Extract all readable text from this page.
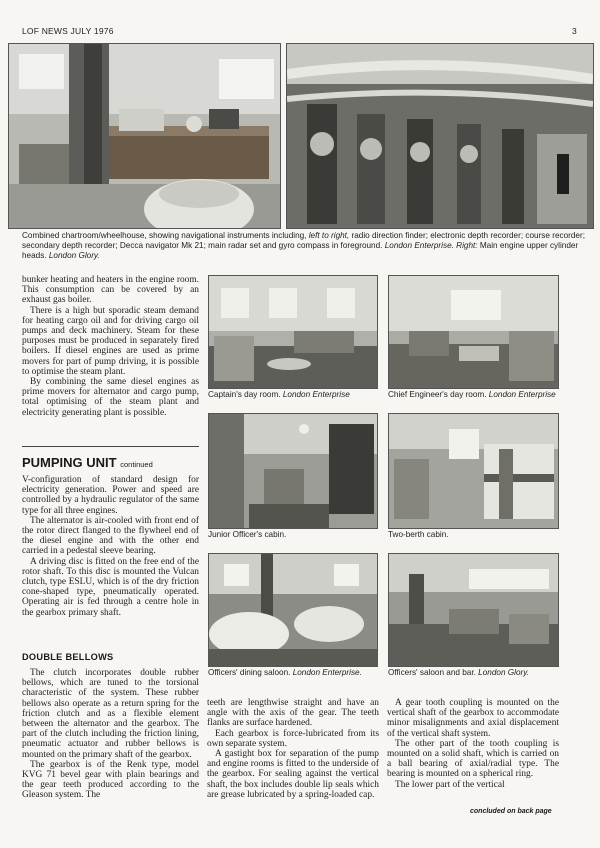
LOF NEWS JULY 1976	3
Combined chartroom/wheelhouse, showing navigational instruments including, left to right, radio direction finder; electronic depth recorder; course recorder; secondary depth recorder; Decca navigator Mk 21; main radar set and gyro compass in foreground. London Enterprise. Right: Main engine upper cylinder heads. London Glory.

bunker heating and heaters in the engine room. This consumption can be covered by an exhaust gas boiler.

There is a high but sporadic steam demand for heating cargo oil and for driving cargo oil pumps and deck machinery. Steam for these purposes must be produced in separately fired boilers. If diesel engines are used as prime movers for part of pump driving, it is possible to optimise the steam plant.

By combining the same diesel engines as prime movers for alternator and cargo pump, total optimising of the steam plant and electricity generating plant is possible.

PUMPING UNIT continued

V-configuration of standard design for electricity generation. Power and speed are controlled by a hydraulic regulator of the same type for all three engines.

The alternator is air-cooled with front end of the rotor direct flanged to the flywheel end of the diesel engine and with the other end carried in a pedestal sleeve bearing.

A driving disc is fitted on the free end of the rotor shaft. To this disc is mounted the Vulcan clutch, type ESLU, which is of the dry friction cone-shaped type, pneumatically operated. Operating air is fed through a centre hole in the gearbox primary shaft.

DOUBLE BELLOWS

The clutch incorporates double rubber bellows, which are tuned to the torsional characteristic of the system. These rubber bellows also operate as a return spring for the friction clutch and as a flexible element between the alternator and the gearbox. The part of the clutch including the friction lining, pneumatic actuator and rubber bellows is mounted on the primary shaft of the gearbox.

The gearbox is of the Renk type, model KVG 71 bevel gear with plain bearings and the gear teeth produced according to the Gleason system. The

Captain's day room. London Enterprise	Chief Engineer's day room. London Enterprise
Junior Officer's cabin.	Two-berth cabin.
Officers' dining saloon. London Enterprise.	Officers' saloon and bar. London Glory.

teeth are lengthwise straight and have an angle with the axis of the gear. The teeth flanks are surface hardened.

Each gearbox is force-lubricated from its own separate system.

A gastight box for separation of the pump and engine rooms is fitted to the underside of the gearbox. For sealing against the vertical shaft, the box includes double lip seals which are grease lubricated by a spring-loaded cap.

A gear tooth coupling is mounted on the vertical shaft of the gearbox to accommodate minor misalignments and axial displacement of the vertical shaft system.

The other part of the tooth coupling is mounted on a solid shaft, which is carried on a ball bearing of axial/radial type. The bearing is mounted on a spherical ring.

The lower part of the vertical

concluded on back page
